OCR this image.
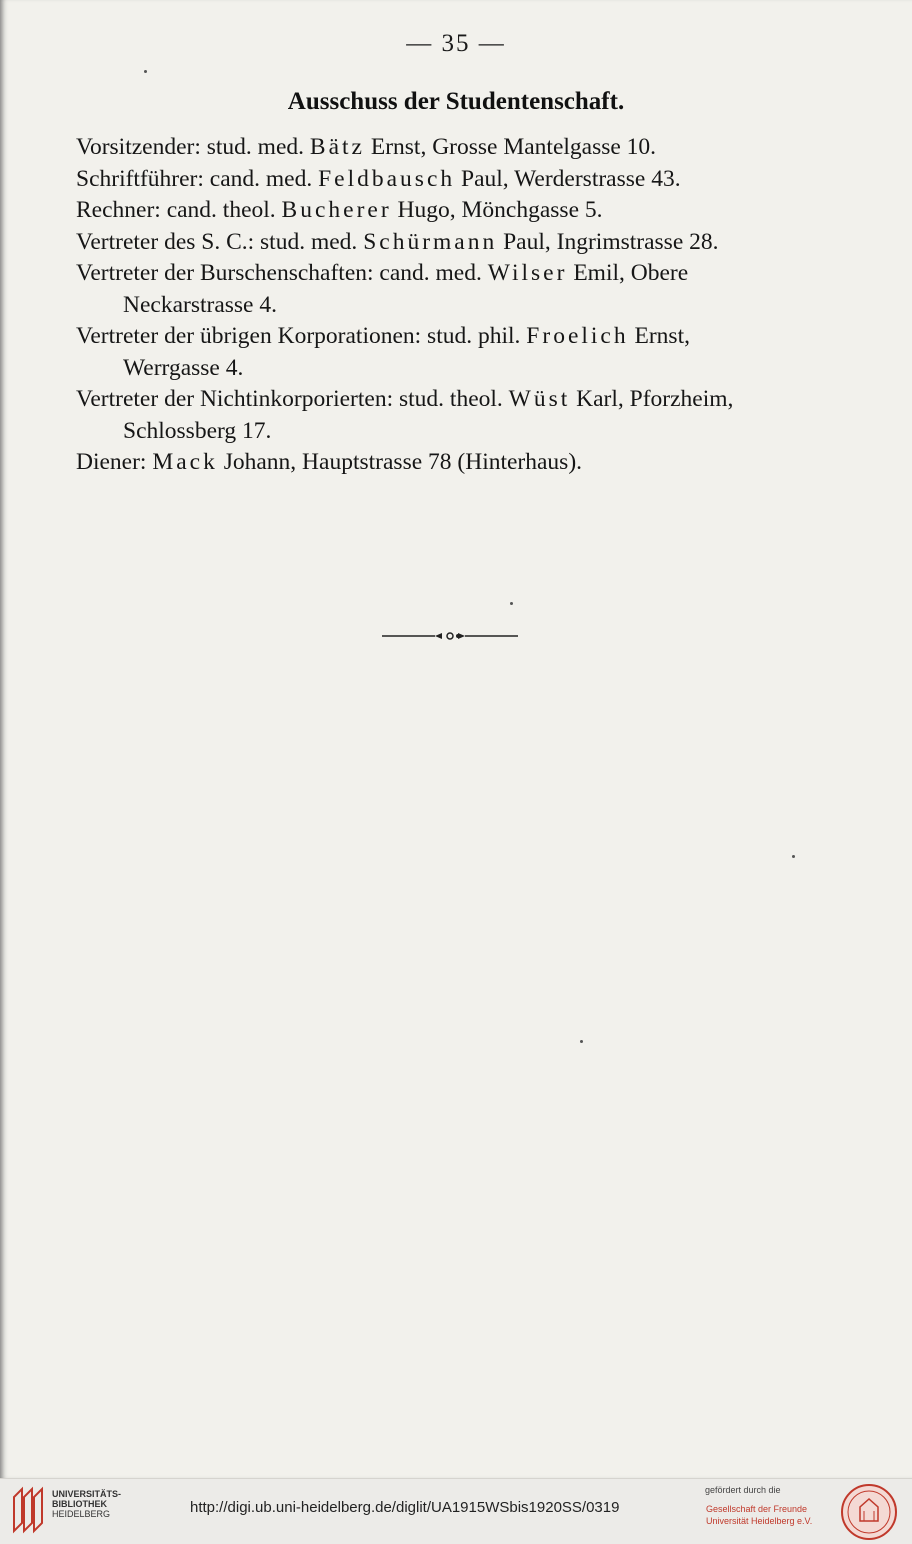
— 35 —
Ausschuss der Studentenschaft.

Vorsitzender: stud. med. Bätz Ernst, Grosse Mantelgasse 10.

Schriftführer: cand. med. Feldbausch Paul, Werderstrasse 43.

Rechner: cand. theol. Bucherer Hugo, Mönchgasse 5.

Vertreter des S. C.: stud. med. Schürmann Paul, Ingrimstrasse 28.

Vertreter der Burschenschaften: cand. med. Wilser Emil, Obere

Neckarstrasse 4.

Vertreter der übrigen Korporationen: stud. phil. Froelich Ernst,

Werrgasse 4.

Vertreter der Nichtinkorporierten: stud. theol. Wüst Karl, Pforzheim,

Schlossberg 17.

Diener: Mack Johann, Hauptstrasse 78 (Hinterhaus).

UNIVERSITÄTS-
BIBLIOTHEK
HEIDELBERG	http://digi.ub.uni-heidelberg.de/diglit/UA1915WSbis1920SS/0319
gefördert durch die
Gesellschaft der Freunde
Universität Heidelberg e.V.
